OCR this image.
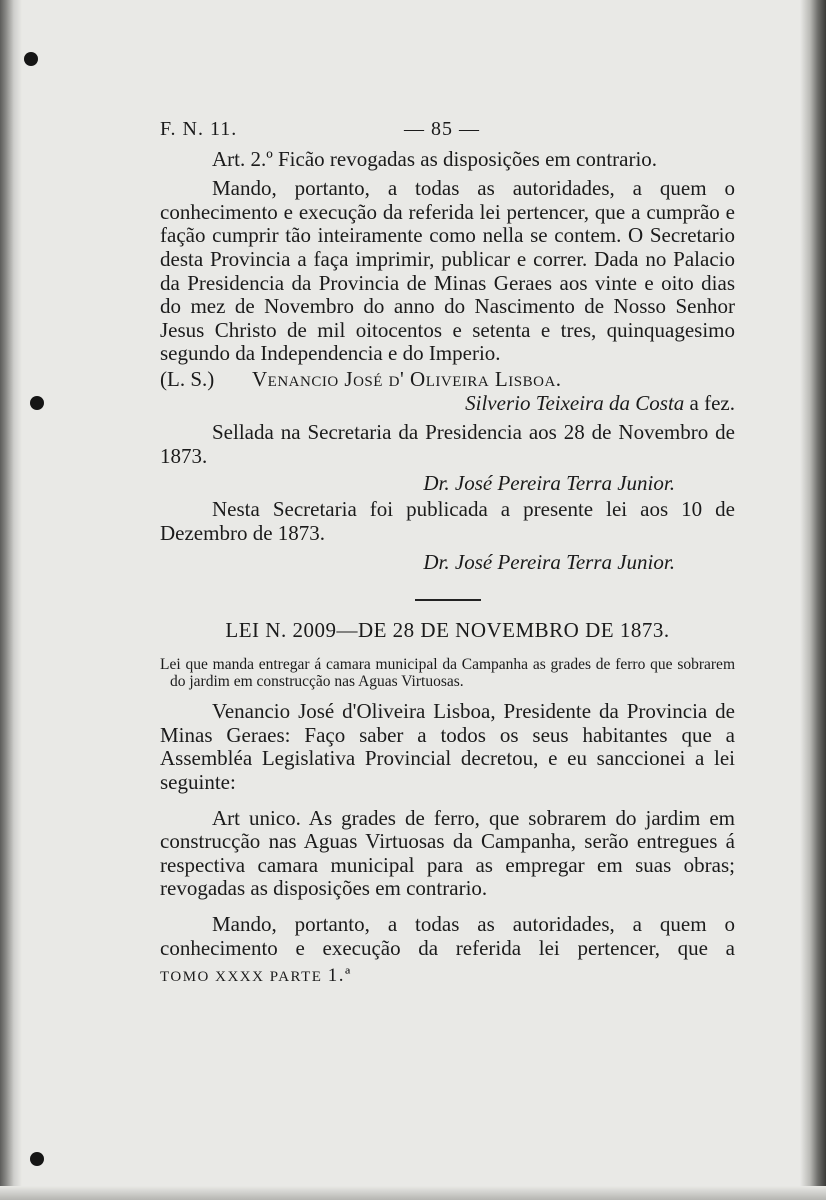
F. N. 11.	— 85 —

Art. 2.º Ficão revogadas as disposições em contrario.

Mando, portanto, a todas as autoridades, a quem o conhecimento e execução da referida lei pertencer, que a cumprão e fação cumprir tão inteiramente como nella se contem. O Secretario desta Provincia a faça imprimir, publicar e correr. Dada no Palacio da Presidencia da Provincia de Minas Geraes aos vinte e oito dias do mez de Novembro do anno do Nascimento de Nosso Senhor Jesus Christo de mil oitocentos e setenta e tres, quinquagesimo segundo da Independencia e do Imperio.

(L. S.)	Venancio José d' Oliveira Lisboa.

Silverio Teixeira da Costa a fez.

Sellada na Secretaria da Presidencia aos 28 de Novembro de 1873.

Dr. José Pereira Terra Junior.

Nesta Secretaria foi publicada a presente lei aos 10 de Dezembro de 1873.

Dr. José Pereira Terra Junior.

LEI N. 2009—DE 28 DE NOVEMBRO DE 1873.

Lei que manda entregar á camara municipal da Campanha as grades de ferro que sobrarem do jardim em construcção nas Aguas Virtuosas.

Venancio José d'Oliveira Lisboa, Presidente da Provincia de Minas Geraes: Faço saber a todos os seus habitantes que a Assembléa Legislativa Provincial decretou, e eu sanccionei a lei seguinte:

Art unico. As grades de ferro, que sobrarem do jardim em construcção nas Aguas Virtuosas da Campanha, serão entregues á respectiva camara municipal para as empregar em suas obras; revogadas as disposições em contrario.

Mando, portanto, a todas as autoridades, a quem o conhecimento e execução da referida lei pertencer, que a

TOMO XXXX PARTE 1.ª
